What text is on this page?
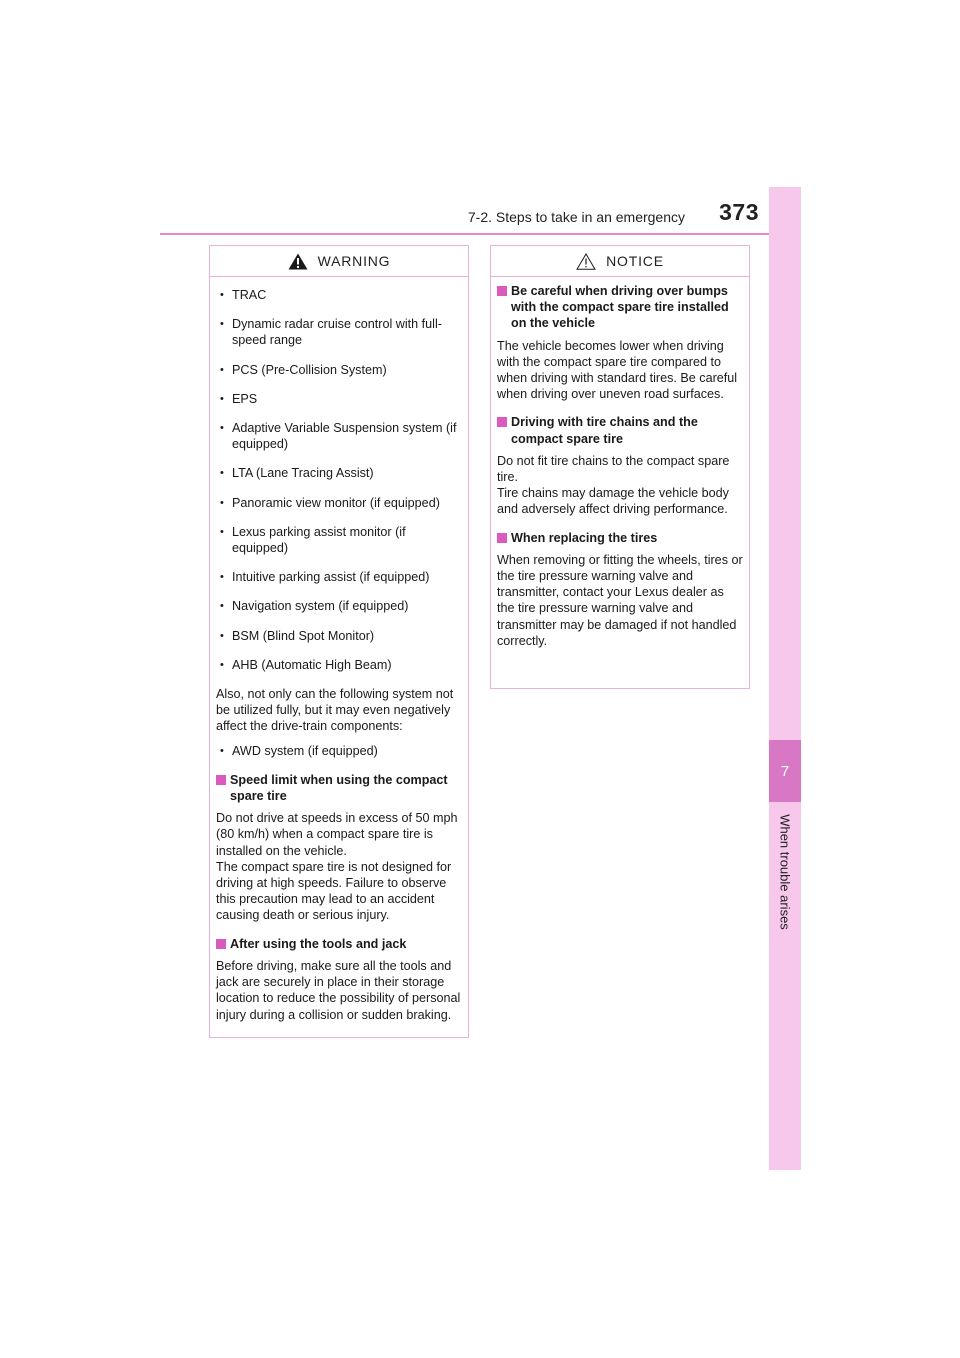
7-2. Steps to take in an emergency 373
7
When trouble arises
WARNING
• TRAC
• Dynamic radar cruise control with full-speed range
• PCS (Pre-Collision System)
• EPS
• Adaptive Variable Suspension system (if equipped)
• LTA (Lane Tracing Assist)
• Panoramic view monitor (if equipped)
• Lexus parking assist monitor (if equipped)
• Intuitive parking assist (if equipped)
• Navigation system (if equipped)
• BSM (Blind Spot Monitor)
• AHB (Automatic High Beam)
Also, not only can the following system not be utilized fully, but it may even negatively affect the drive-train components:
• AWD system (if equipped)
Speed limit when using the compact spare tire
Do not drive at speeds in excess of 50 mph (80 km/h) when a compact spare tire is installed on the vehicle.
The compact spare tire is not designed for driving at high speeds. Failure to observe this precaution may lead to an accident causing death or serious injury.
After using the tools and jack
Before driving, make sure all the tools and jack are securely in place in their storage location to reduce the possibility of personal injury during a collision or sudden braking.
NOTICE
Be careful when driving over bumps with the compact spare tire installed on the vehicle
The vehicle becomes lower when driving with the compact spare tire compared to when driving with standard tires. Be careful when driving over uneven road surfaces.
Driving with tire chains and the compact spare tire
Do not fit tire chains to the compact spare tire.
Tire chains may damage the vehicle body and adversely affect driving performance.
When replacing the tires
When removing or fitting the wheels, tires or the tire pressure warning valve and transmitter, contact your Lexus dealer as the tire pressure warning valve and transmitter may be damaged if not handled correctly.
